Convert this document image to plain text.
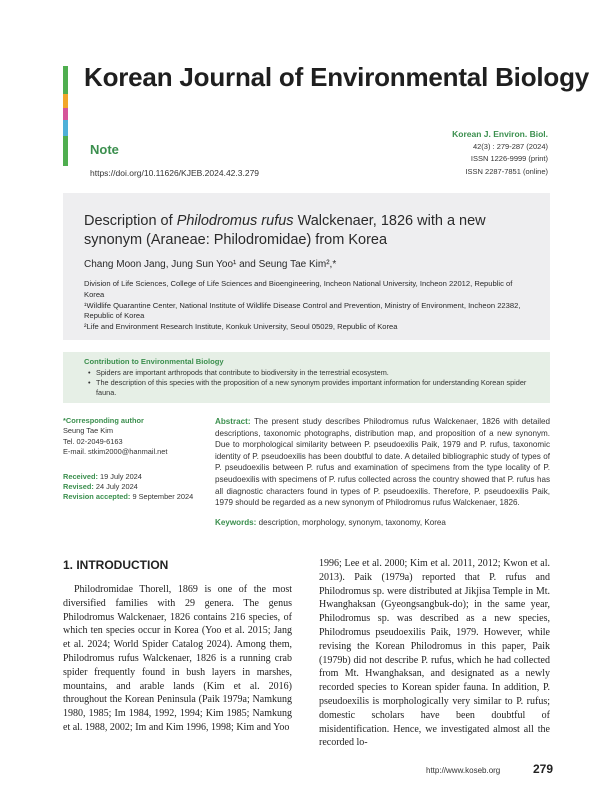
Korean Journal of Environmental Biology
Note
https://doi.org/10.11626/KJEB.2024.42.3.279
Korean J. Environ. Biol.
42(3) : 279-287 (2024)
ISSN 1226-9999 (print)
ISSN 2287-7851 (online)
Description of Philodromus rufus Walckenaer, 1826 with a new synonym (Araneae: Philodromidae) from Korea
Chang Moon Jang, Jung Sun Yoo¹ and Seung Tae Kim²,*

Division of Life Sciences, College of Life Sciences and Bioengineering, Incheon National University, Incheon 22012, Republic of Korea

¹Wildlife Quarantine Center, National Institute of Wildlife Disease Control and Prevention, Ministry of Environment, Incheon 22382, Republic of Korea

²Life and Environment Research Institute, Konkuk University, Seoul 05029, Republic of Korea

Contribution to Environmental Biology
• Spiders are important arthropods that contribute to biodiversity in the terrestrial ecosystem.
• The description of this species with the proposition of a new synonym provides important information for understanding Korean spider fauna.
*Corresponding author
Seung Tae Kim
Tel. 02-2049-6163
E-mail. stkim2000@hanmail.net
Received: 19 July 2024
Revised: 24 July 2024
Revision accepted: 9 September 2024
Abstract: The present study describes Philodromus rufus Walckenaer, 1826 with detailed descriptions, taxonomic photographs, distribution map, and proposition of a new synonym. Due to morphological similarity between P. pseudoexilis Paik, 1979 and P. rufus, taxonomic identity of P. pseudoexilis has been doubtful to date. A detailed bibliographic study of types of P. pseudoexilis between P. rufus and examination of specimens from the type locality of P. pseudoexilis with specimens of P. rufus collected across the country showed that P. rufus has all diagnostic characters found in types of P. pseudoexilis. Therefore, P. pseudoexilis Paik, 1979 should be regarded as a new synonym of Philodromus rufus Walckenaer, 1826.
Keywords: description, morphology, synonym, taxonomy, Korea
1. INTRODUCTION

Philodromidae Thorell, 1869 is one of the most diversified families with 29 genera. The genus Philodromus Walckenaer, 1826 contains 216 species, of which ten species occur in Korea (Yoo et al. 2015; Jang et al. 2024; World Spider Catalog 2024). Among them, Philodromus rufus Walckenaer, 1826 is a running crab spider frequently found in bush layers in marshes, mountains, and arable lands (Kim et al. 2016) throughout the Korean Peninsula (Paik 1979a; Namkung 1980, 1985; Im 1984, 1992, 1994; Kim 1985; Namkung et al. 1988, 2002; Im and Kim 1996, 1998; Kim and Yoo

1996; Lee et al. 2000; Kim et al. 2011, 2012; Kwon et al. 2013). Paik (1979a) reported that P. rufus and Philodromus sp. were distributed at Jikjisa Temple in Mt. Hwanghaksan (Gyeongsangbuk-do); in the same year, Philodromus sp. was described as a new species, Philodromus pseudoexilis Paik, 1979. However, while revising the Korean Philodromus in this paper, Paik (1979b) did not describe P. rufus, which he had collected from Mt. Hwanghaksan, and designated as a newly recorded species to Korean spider fauna. In addition, P. pseudoexilis is morphologically very similar to P. rufus; domestic scholars have been doubtful of misidentification. Hence, we investigated almost all the recorded lo-

http://www.koseb.org	279
